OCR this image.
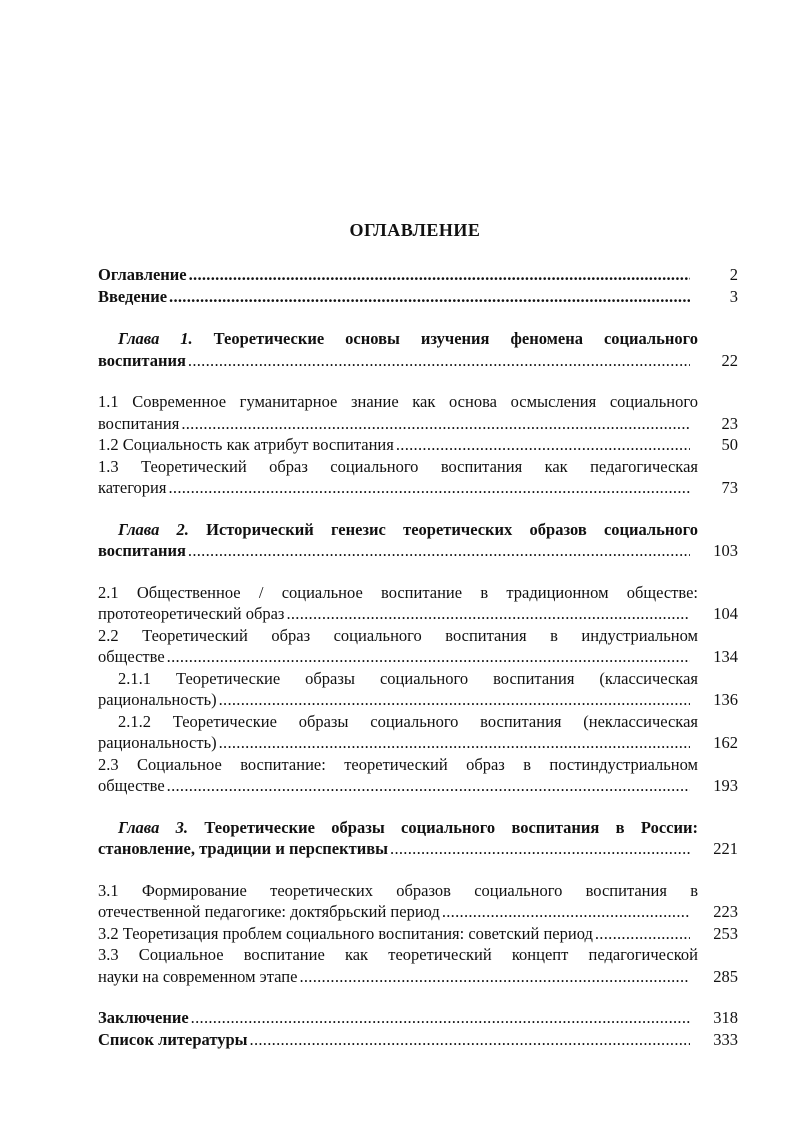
ОГЛАВЛЕНИЕ
Оглавление .....	2
Введение .....	3
Глава 1. Теоретические основы изучения феномена социального
воспитания .....	22
1.1 Современное гуманитарное знание как основа осмысления социального
воспитания .....	23
1.2 Социальность как атрибут воспитания .....	50
1.3 Теоретический образ социального воспитания как педагогическая
категория .....	73
Глава 2. Исторический генезис теоретических образов социального
воспитания .....	103
2.1 Общественное / социальное воспитание в традиционном обществе:
прототеоретический образ .....	104
2.2 Теоретический образ социального воспитания в индустриальном
обществе .....	134
2.1.1 Теоретические образы социального воспитания (классическая
рациональность) .....	136
2.1.2 Теоретические образы социального воспитания (неклассическая
рациональность) .....	162
2.3 Социальное воспитание: теоретический образ в постиндустриальном
обществе .....	193
Глава 3. Теоретические образы социального воспитания в России:
становление, традиции и перспективы .....	221
3.1 Формирование теоретических образов социального воспитания в
отечественной педагогике: доктябрьский период .....	223
3.2 Теоретизация проблем социального воспитания: советский период .....	253
3.3 Социальное воспитание как теоретический концепт педагогической
науки на современном этапе .....	285
Заключение .....	318
Список литературы .....	333
